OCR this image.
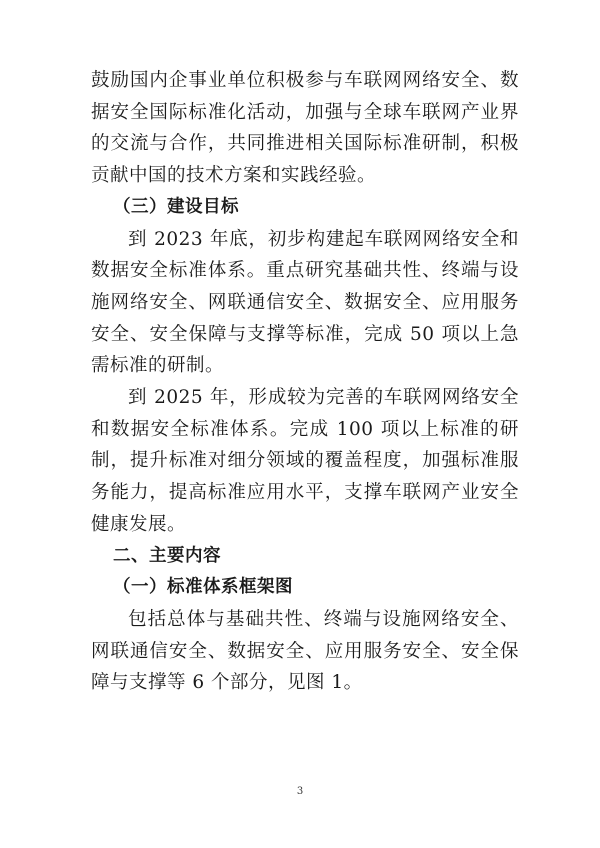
鼓励国内企事业单位积极参与车联网网络安全、数据安全国际标准化活动，加强与全球车联网产业界的交流与合作，共同推进相关国际标准研制，积极贡献中国的技术方案和实践经验。

（三）建设目标

到 2023 年底，初步构建起车联网网络安全和数据安全标准体系。重点研究基础共性、终端与设施网络安全、网联通信安全、数据安全、应用服务安全、安全保障与支撑等标准，完成 50 项以上急需标准的研制。

到 2025 年，形成较为完善的车联网网络安全和数据安全标准体系。完成 100 项以上标准的研制，提升标准对细分领域的覆盖程度，加强标准服务能力，提高标准应用水平，支撑车联网产业安全健康发展。

二、主要内容

（一）标准体系框架图

包括总体与基础共性、终端与设施网络安全、网联通信安全、数据安全、应用服务安全、安全保障与支撑等 6 个部分，见图 1。

3
